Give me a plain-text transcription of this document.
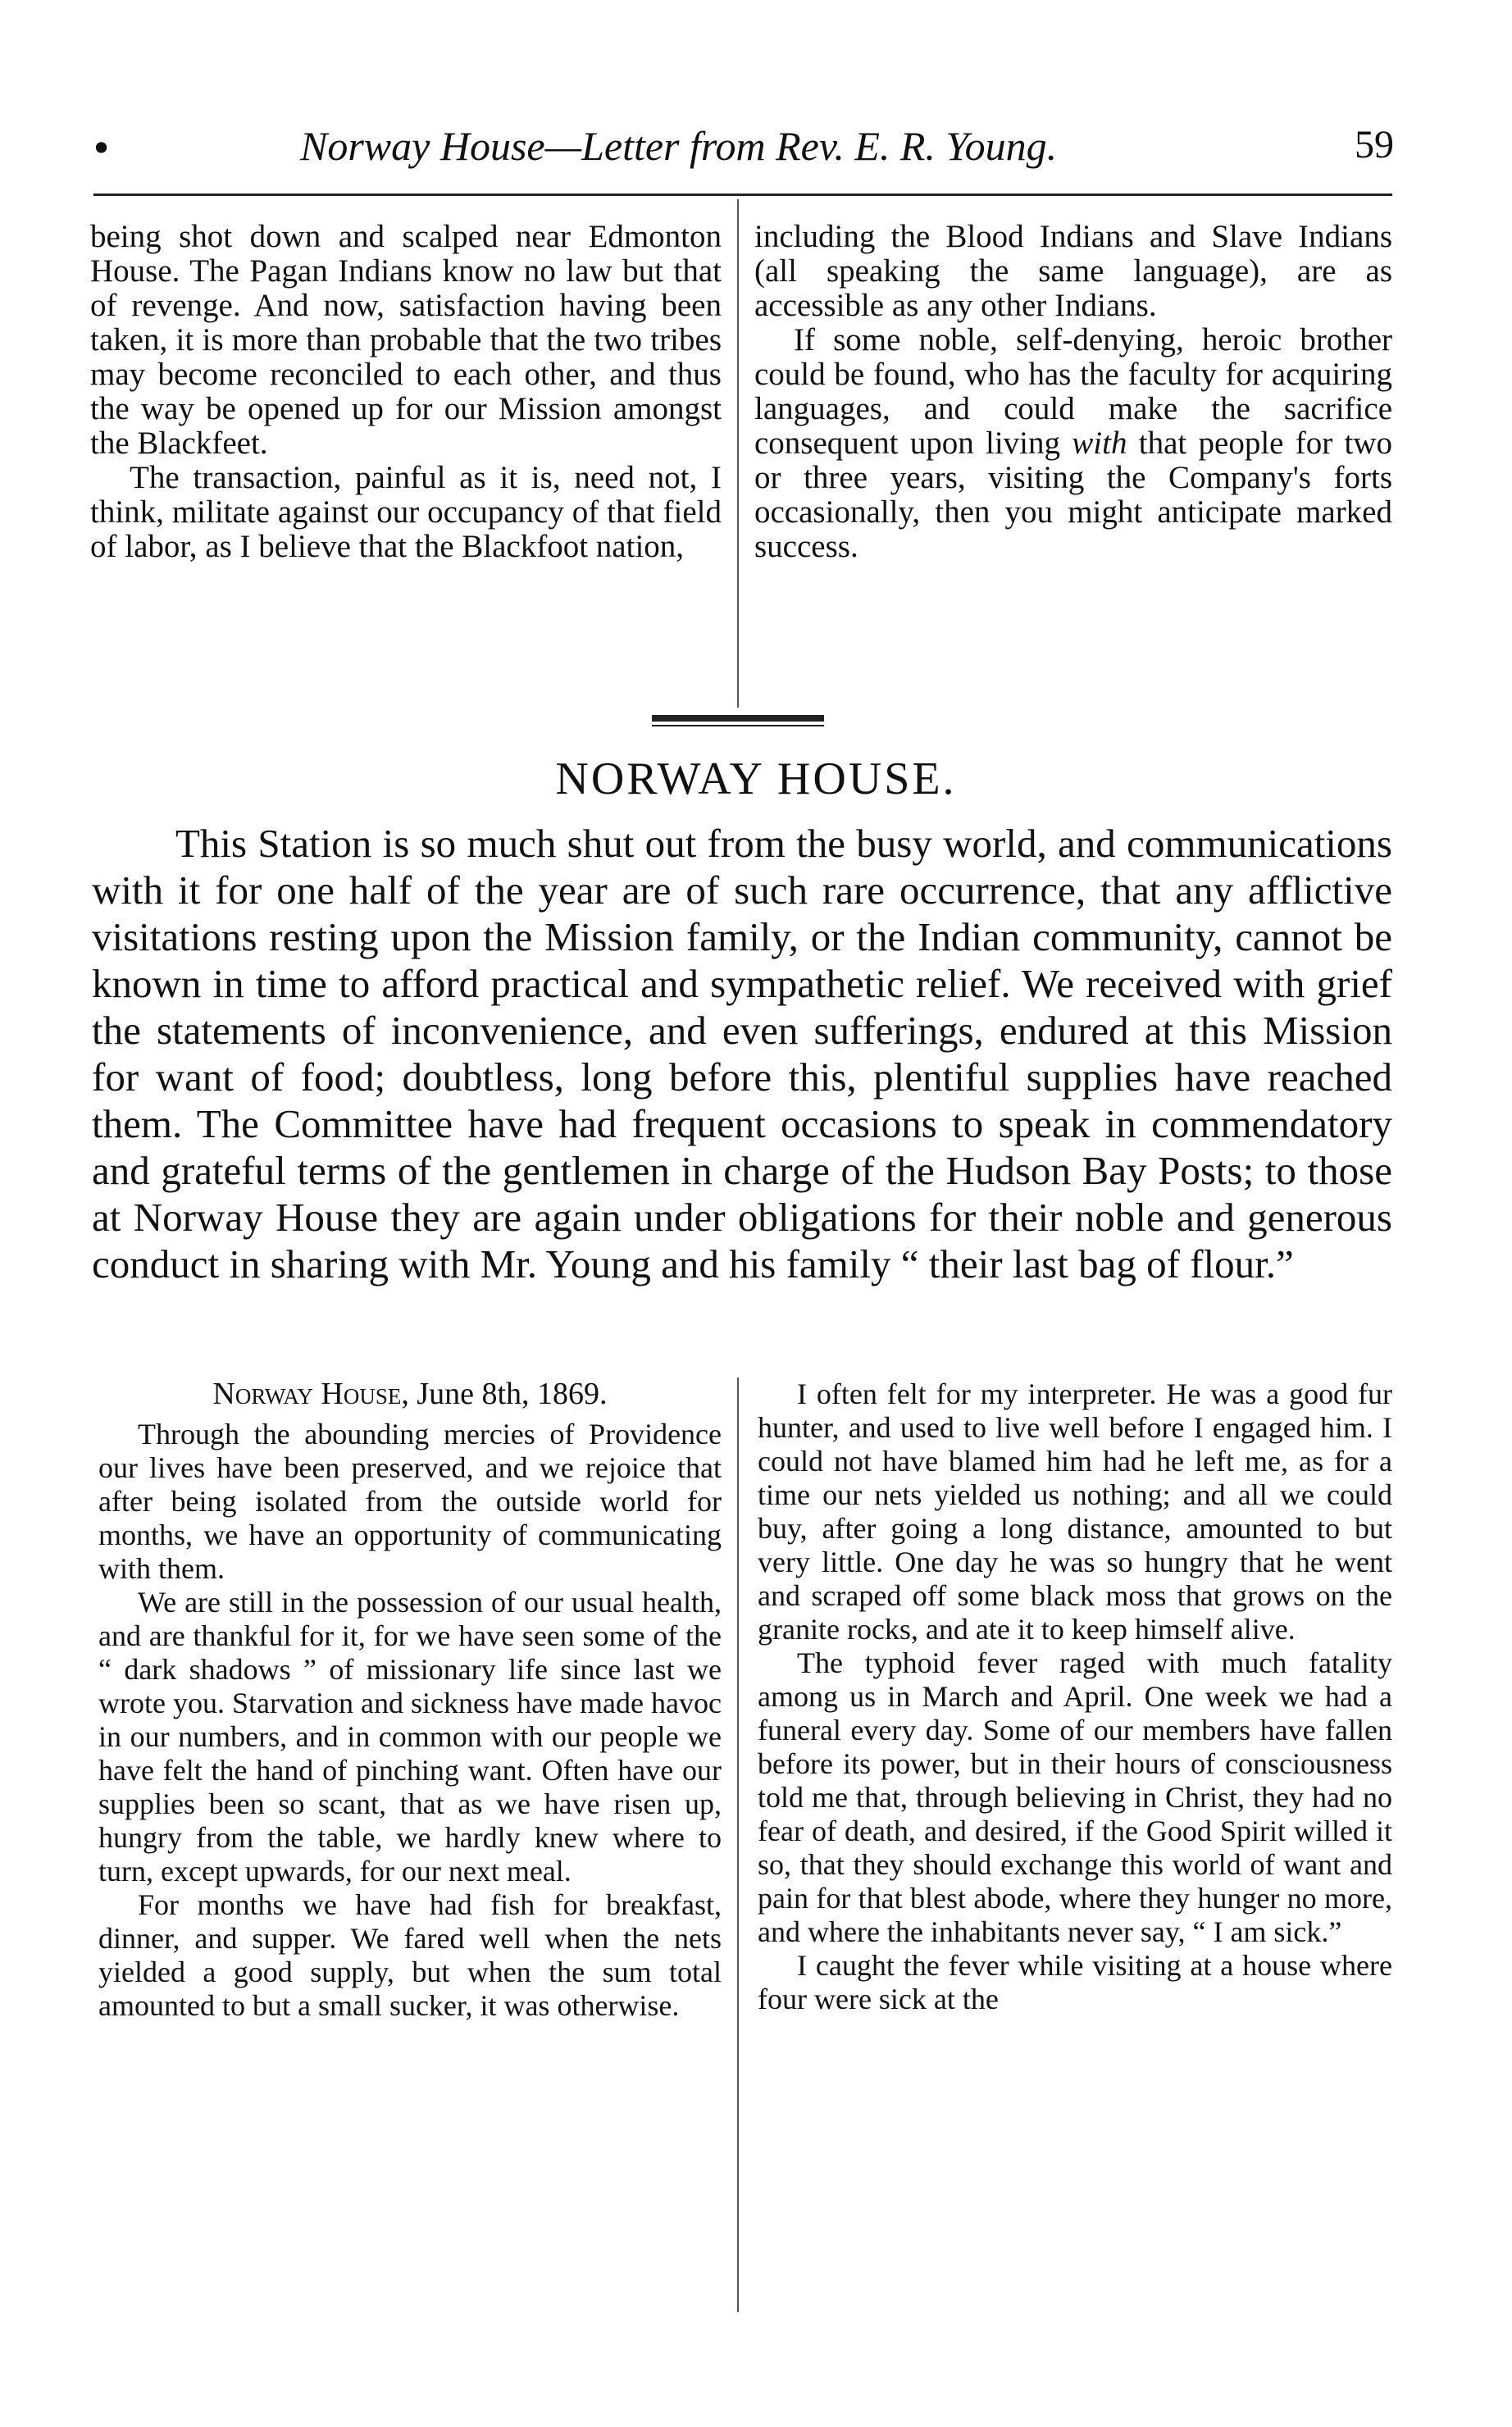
•	Norway House—Letter from Rev. E. R. Young.	59

being shot down and scalped near Edmonton House. The Pagan Indians know no law but that of revenge. And now, satisfaction having been taken, it is more than probable that the two tribes may become reconciled to each other, and thus the way be opened up for our Mission amongst the Blackfeet.

The transaction, painful as it is, need not, I think, militate against our occupancy of that field of labor, as I believe that the Blackfoot nation,

including the Blood Indians and Slave Indians (all speaking the same language), are as accessible as any other Indians.

If some noble, self-denying, heroic brother could be found, who has the faculty for acquiring languages, and could make the sacrifice consequent upon living with that people for two or three years, visiting the Company's forts occasionally, then you might anticipate marked success.

NORWAY HOUSE.

This Station is so much shut out from the busy world, and communications with it for one half of the year are of such rare occurrence, that any afflictive visitations resting upon the Mission family, or the Indian community, cannot be known in time to afford practical and sympathetic relief. We received with grief the statements of inconvenience, and even sufferings, endured at this Mission for want of food; doubtless, long before this, plentiful supplies have reached them. The Committee have had frequent occasions to speak in commendatory and grateful terms of the gentlemen in charge of the Hudson Bay Posts; to those at Norway House they are again under obligations for their noble and generous conduct in sharing with Mr. Young and his family “ their last bag of flour.”

Norway House, June 8th, 1869.

Through the abounding mercies of Providence our lives have been preserved, and we rejoice that after being isolated from the outside world for months, we have an opportunity of communicating with them.

We are still in the possession of our usual health, and are thankful for it, for we have seen some of the “ dark shadows ” of missionary life since last we wrote you. Starvation and sickness have made havoc in our numbers, and in common with our people we have felt the hand of pinching want. Often have our supplies been so scant, that as we have risen up, hungry from the table, we hardly knew where to turn, except upwards, for our next meal.

For months we have had fish for breakfast, dinner, and supper. We fared well when the nets yielded a good supply, but when the sum total amounted to but a small sucker, it was otherwise.

I often felt for my interpreter. He was a good fur hunter, and used to live well before I engaged him. I could not have blamed him had he left me, as for a time our nets yielded us nothing; and all we could buy, after going a long distance, amounted to but very little. One day he was so hungry that he went and scraped off some black moss that grows on the granite rocks, and ate it to keep himself alive.

The typhoid fever raged with much fatality among us in March and April. One week we had a funeral every day. Some of our members have fallen before its power, but in their hours of consciousness told me that, through believing in Christ, they had no fear of death, and desired, if the Good Spirit willed it so, that they should exchange this world of want and pain for that blest abode, where they hunger no more, and where the inhabitants never say, “ I am sick.”

I caught the fever while visiting at a house where four were sick at the
